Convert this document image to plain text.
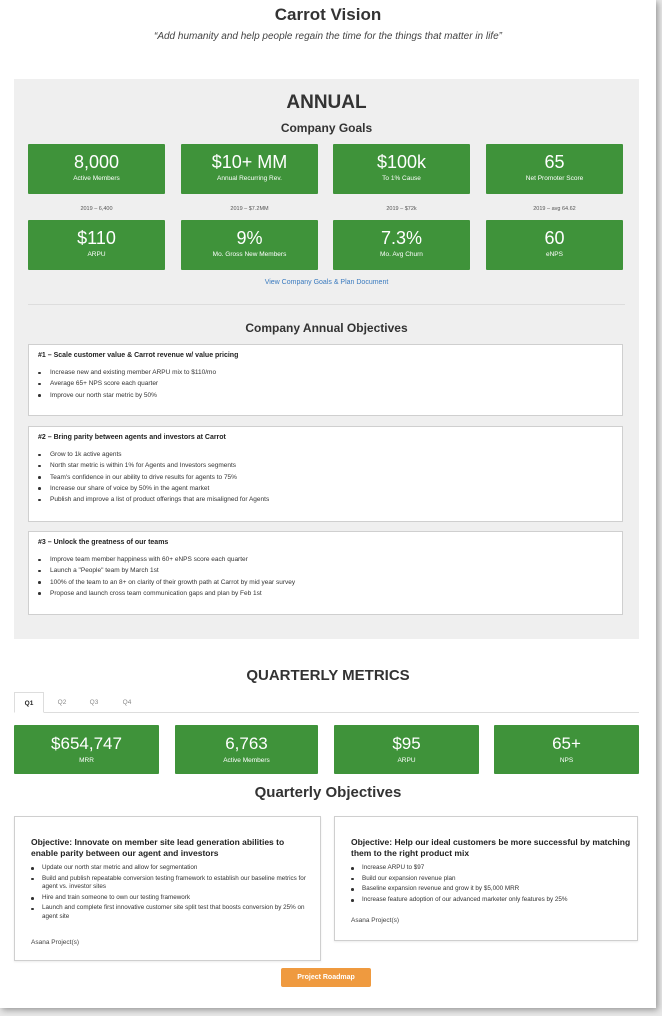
Carrot Vision
“Add humanity and help people regain the time for the things that matter in life”
ANNUAL
Company Goals
8,000
Active Members
$10+ MM
Annual Recurring Rev.
$100k
To 1% Cause
65
Net Promoter Score
2019 – 6,400	2019 – $7.2MM	2019 – $72k	2019 – avg 64.62
$110
ARPU
9%
Mo. Gross New Members
7.3%
Mo. Avg Churn
60
eNPS
View Company Goals & Plan Document
Company Annual Objectives
#1 – Scale customer value & Carrot revenue w/ value pricing
Increase new and existing member ARPU mix to $110/mo
Average 65+ NPS score each quarter
Improve our north star metric by 50%
#2 – Bring parity between agents and investors at Carrot
Grow to 1k active agents
North star metric is within 1% for Agents and Investors segments
Team's confidence in our ability to drive results for agents to 75%
Increase our share of voice by 50% in the agent market
Publish and improve a list of product offerings that are misaligned for Agents
#3 – Unlock the greatness of our teams
Improve team member happiness with 60+ eNPS score each quarter
Launch a "People" team by March 1st
100% of the team to an 8+ on clarity of their growth path at Carrot by mid year survey
Propose and launch cross team communication gaps and plan by Feb 1st
QUARTERLY METRICS
Q1	Q2	Q3	Q4
$654,747
MRR
6,763
Active Members
$95
ARPU
65+
NPS
Quarterly Objectives
Objective: Innovate on member site lead generation abilities to enable parity between our agent and investors
Update our north star metric and allow for segmentation
Build and publish repeatable conversion testing framework to establish our baseline metrics for agent vs. investor sites
Hire and train someone to own our testing framework
Launch and complete first innovative customer site split test that boosts conversion by 25% on agent site
Asana Project(s)
Objective: Help our ideal customers be more successful by matching them to the right product mix
Increase ARPU to $97
Build our expansion revenue plan
Baseline expansion revenue and grow it by $5,000 MRR
Increase feature adoption of our advanced marketer only features by 25%
Asana Project(s)
Project Roadmap
